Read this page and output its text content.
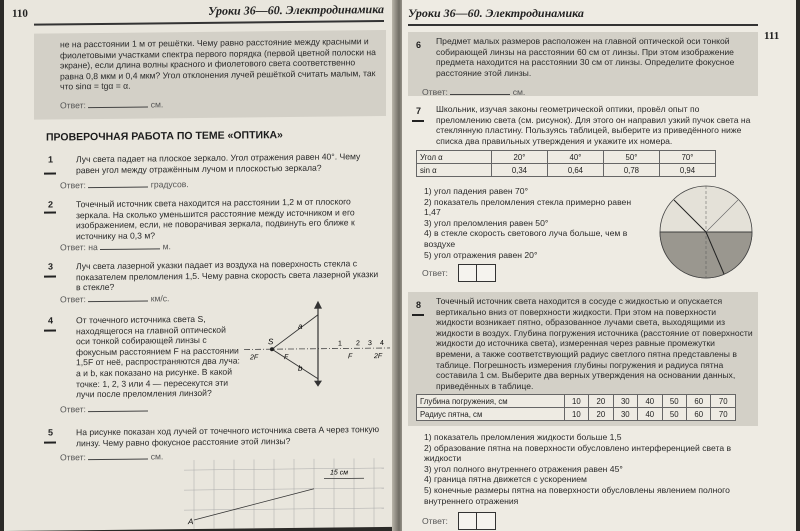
110	Уроки 36—60. Электродинамика
не на расстоянии 1 м от решётки. Чему равно расстояние между красными и фиолетовыми участками спектра первого порядка (первой цветной полоски на экране), если длина волны красного и фиолетового света соответственно равна 0,8 мкм и 0,4 мкм? Угол отклонения лучей решёткой считать малым, так что sinα = tgα = α.
Ответ:	см.
ПРОВЕРОЧНАЯ РАБОТА ПО ТЕМЕ «ОПТИКА»
1	Луч света падает на плоское зеркало. Угол отражения равен 40°. Чему равен угол между отражённым лучом и плоскостью зеркала?
Ответ:	градусов.
2	Точечный источник света находится на расстоянии 1,2 м от плоского зеркала. На сколько уменьшится расстояние между источником и его изображением, если, не поворачивая зеркала, подвинуть его ближе к источнику на 0,3 м?
Ответ: на	м.
3	Луч света лазерной указки падает из воздуха на поверхность стекла с показателем преломления 1,5. Чему равна скорость света лазерной указки в стекле?
Ответ:	км/с.
4	От точечного источника света S, находящегося на главной оптической оси тонкой собирающей линзы с фокусным расстоянием F на расстоянии 1,5F от неё, распространяются два луча: a и b, как показано на рисунке. В какой точке: 1, 2, 3 или 4 — пересекутся эти лучи после преломления линзой?
S
a
b
F
2F	F	2F
1 2 3 4
Ответ:
5	На рисунке показан ход лучей от точечного источника света A через тонкую линзу. Чему равно фокусное расстояние этой линзы?
Ответ:	см.
15 см
A
Уроки 36—60. Электродинамика
111
6 Предмет малых размеров расположен на главной оптической оси тонкой собирающей линзы на расстоянии 60 см от линзы. При этом изображение предмета находится на расстоянии 30 см от линзы. Определите фокусное расстояние этой линзы.
Ответ:	см.
7 Школьник, изучая законы геометрической оптики, провёл опыт по преломлению света (см. рисунок). Для этого он направил узкий пучок света на стеклянную пластину. Пользуясь таблицей, выберите из приведённого ниже списка два правильных утверждения и укажите их номера.
Угол α	20°	40°	50°	70°
sin α	0,34	0,64	0,78	0,94
1) угол падения равен 70°
2) показатель преломления стекла примерно равен 1,47
3) угол преломления равен 50°
4) в стекле скорость светового луча больше, чем в воздухе
5) угол отражения равен 20°
Ответ:
8 Точечный источник света находится в сосуде с жидкостью и опускается вертикально вниз от поверхности жидкости. При этом на поверхности жидкости возникает пятно, образованное лучами света, выходящими из жидкости в воздух. Глубина погружения источника (расстояние от поверхности жидкости до источника света), измеренная через равные промежутки времени, а также соответствующий радиус светлого пятна представлены в таблице. Погрешность измерения глубины погружения и радиуса пятна составила 1 см. Выберите два верных утверждения на основании данных, приведённых в таблице.
Глубина погружения, см	10	20	30	40	50	60	70
Радиус пятна, см	10	20	30	40	50	60	70
1) показатель преломления жидкости больше 1,5
2) образование пятна на поверхности обусловлено интерференцией света в жидкости
3) угол полного внутреннего отражения равен 45°
4) граница пятна движется с ускорением
5) конечные размеры пятна на поверхности обусловлены явлением полного внутреннего отражения
Ответ:
